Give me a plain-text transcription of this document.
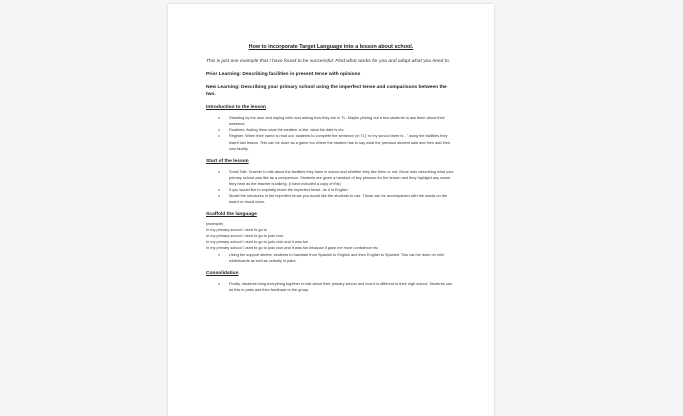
How to incorporate Target Language into a lesson about school.

This is just one example that I have found to be successful. Find what works for you and adapt what you need to.

Prior Learning: Describing facilities in present tense with opinions

New Learning: Describing your primary school using the imperfect tense and comparisons between the two.

Introduction to the lesson

o Standing by the door and saying hello and asking how they are in TL. Maybe picking out a few students to ask them about their weekend.
o Routines. Asking them what the weather is like, what the date is etc
o Register. When their name is read out, students to complete the sentence (in TL) ‘in my school there is…’ using the facilities they learnt last lesson. This can be done as a game too where the student has to say what the previous student said and then add their own facility.

Start of the lesson

o Small Talk. Teacher to talk about the facilities they have in school and whether they like them or not. Move onto describing what your primary school was like as a comparison. Students are given a handout of key phrases for the lesson and they highlight any words they hear as the teacher is talking. (I have included a copy of this)
o If you would like to explicitly teach the imperfect tense, do it in English
o Model the structures in the imperfect tense you would like the students to use. These can be accompanied with the words on the board or visual clues.

Scaffold the language

(example)
In my primary school I used to go to
In my primary school I used to go to judo club
In my primary school I used to go to judo club and it was fun
In my primary school I used to go to judo club and it was fun because it gave me more confidence etc
o Using the support sheets, students to translate from Spanish to English and then English to Spanish. This can be done on mini whiteboards as well as verbally in pairs.

Consolidation

o Finally, students bring everything together to talk about their primary school and how it is different to their high school. Students can do this in pairs and then feedback to the group.
